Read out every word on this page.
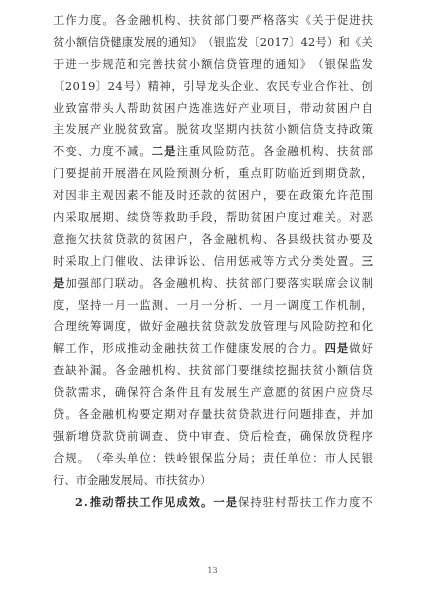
工 作 力 度 。 各 金 融 机 构 、 扶 贫 部 门 要 严 格 落 实 《 关 于 促 进 扶
贫 小 额 信 贷 健 康 发 展 的 通 知 》 （ 银 监 发 〔 2 0 1 7 〕 4 2 号 ） 和 《 关
于 进 一 步 规 范 和 完 善 扶 贫 小 额 信 贷 管 理 的 通 知 》 （ 银 保 监 发
〔 2 0 1 9 〕 2 4 号 ） 精 神 ， 引 导 龙 头 企 业 、 农 民 专 业 合 作 社 、 创
业 致 富 带 头 人 帮 助 贫 困 户 选 准 选 好 产 业 项 目 ， 带 动 贫 困 户 自
主 发 展 产 业 脱 贫 致 富 。 脱 贫 攻 坚 期 内 扶 贫 小 额 信 贷 支 持 政 策
不 变 、 力 度 不 减 。 二 是 注 重 风 险 防 范 。 各 金 融 机 构 、 扶 贫 部
门 要 提 前 开 展 潜 在 风 险 预 测 分 析 ， 重 点 盯 防 临 近 到 期 贷 款 ，
对 因 非 主 观 因 素 不 能 及 时 还 款 的 贫 困 户 ， 要 在 政 策 允 许 范 围
内 采 取 展 期 、 续 贷 等 救 助 手 段 ， 帮 助 贫 困 户 度 过 难 关 。 对 恶
意 拖 欠 扶 贫 贷 款 的 贫 困 户 ， 各 金 融 机 构 、 各 县 级 扶 贫 办 要 及
时 采 取 上 门 催 收 、 法 律 诉 讼 、 信 用 惩 戒 等 方 式 分 类 处 置 。 三
是 加 强 部 门 联 动 。 各 金 融 机 构 、 扶 贫 部 门 要 落 实 联 席 会 议 制
度 ， 坚 持 一 月 一 监 测 、 一 月 一 分 析 、 一 月 一 调 度 工 作 机 制 ，
合 理 统 筹 调 度 ， 做 好 金 融 扶 贫 贷 款 发 放 管 理 与 风 险 防 控 和 化
解 工 作 ， 形 成 推 动 金 融 扶 贫 工 作 健 康 发 展 的 合 力 。 四 是 做 好
查 缺 补 漏 。 各 金 融 机 构 、 扶 贫 部 门 要 继 续 挖 掘 扶 贫 小 额 信 贷
贷 款 需 求 ， 确 保 符 合 条 件 且 有 发 展 生 产 意 愿 的 贫 困 户 应 贷 尽
贷 。 各 金 融 机 构 要 定 期 对 存 量 扶 贫 贷 款 进 行 问 题 排 查 ， 并 加
强 新 增 贷 款 贷 前 调 查 、 贷 中 审 查 、 贷 后 检 查 ， 确 保 放 贷 程 序
合 规 。 （ 牵 头 单 位 ： 铁 岭 银 保 监 分 局 ； 责 任 单 位 ： 市 人 民 银
行 、 市 金 融 发 展 局 、 市 扶 贫 办 ）
2 . 推 动 帮 扶 工 作 见 成 效 。 一 是 保 持 驻 村 帮 扶 工 作 力 度 不
13
